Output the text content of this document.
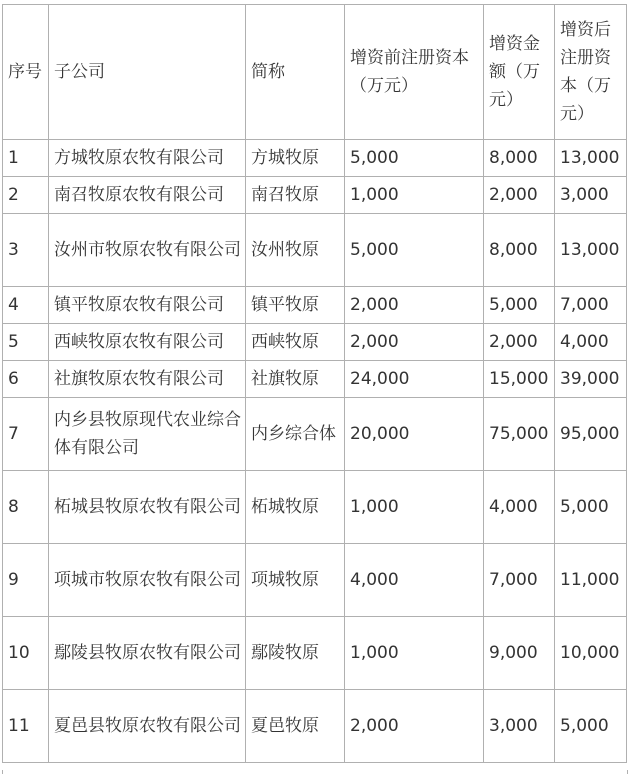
序号	子公司	简称	增资前注册资本（万元）	增资金额（万元）	增资后注册资本（万元）
1	方城牧原农牧有限公司	方城牧原	5,000	8,000	13,000
2	南召牧原农牧有限公司	南召牧原	1,000	2,000	3,000
3	汝州市牧原农牧有限公司	汝州牧原	5,000	8,000	13,000
4	镇平牧原农牧有限公司	镇平牧原	2,000	5,000	7,000
5	西峡牧原农牧有限公司	西峡牧原	2,000	2,000	4,000
6	社旗牧原农牧有限公司	社旗牧原	24,000	15,000	39,000
7	内乡县牧原现代农业综合体有限公司	内乡综合体	20,000	75,000	95,000
8	柘城县牧原农牧有限公司	柘城牧原	1,000	4,000	5,000
9	项城市牧原农牧有限公司	项城牧原	4,000	7,000	11,000
10	鄢陵县牧原农牧有限公司	鄢陵牧原	1,000	9,000	10,000
11	夏邑县牧原农牧有限公司	夏邑牧原	2,000	3,000	5,000
